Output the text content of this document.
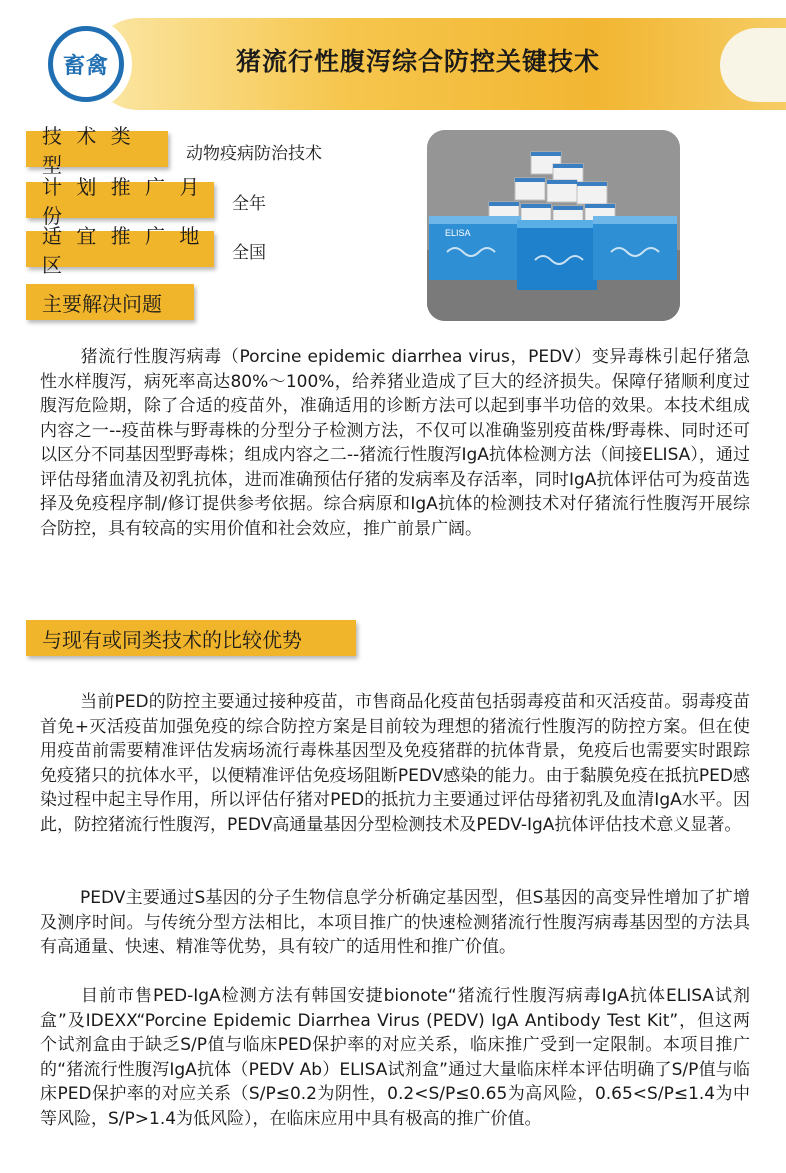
畜禽	猪流行性腹泻综合防控关键技术
技 术 类 型	动物疫病防治技术
计 划 推 广 月 份	全年
适 宜 推 广 地 区	全国
主要解决问题
ELISA

猪流行性腹泻病毒（Porcine epidemic diarrhea virus，PEDV）变异毒株引起仔猪急性水样腹泻，病死率高达80%～100%，给养猪业造成了巨大的经济损失。保障仔猪顺利度过腹泻危险期，除了合适的疫苗外，准确适用的诊断方法可以起到事半功倍的效果。本技术组成内容之一--疫苗株与野毒株的分型分子检测方法，不仅可以准确鉴别疫苗株/野毒株、同时还可以区分不同基因型野毒株；组成内容之二--猪流行性腹泻IgA抗体检测方法（间接ELISA），通过评估母猪血清及初乳抗体，进而准确预估仔猪的发病率及存活率，同时IgA抗体评估可为疫苗选择及免疫程序制/修订提供参考依据。综合病原和IgA抗体的检测技术对仔猪流行性腹泻开展综合防控，具有较高的实用价值和社会效应，推广前景广阔。

与现有或同类技术的比较优势

当前PED的防控主要通过接种疫苗，市售商品化疫苗包括弱毒疫苗和灭活疫苗。弱毒疫苗首免+灭活疫苗加强免疫的综合防控方案是目前较为理想的猪流行性腹泻的防控方案。但在使用疫苗前需要精准评估发病场流行毒株基因型及免疫猪群的抗体背景，免疫后也需要实时跟踪免疫猪只的抗体水平，以便精准评估免疫场阻断PEDV感染的能力。由于黏膜免疫在抵抗PED感染过程中起主导作用，所以评估仔猪对PED的抵抗力主要通过评估母猪初乳及血清IgA水平。因此，防控猪流行性腹泻，PEDV高通量基因分型检测技术及PEDV-IgA抗体评估技术意义显著。

PEDV主要通过S基因的分子生物信息学分析确定基因型，但S基因的高变异性增加了扩增及测序时间。与传统分型方法相比，本项目推广的快速检测猪流行性腹泻病毒基因型的方法具有高通量、快速、精准等优势，具有较广的适用性和推广价值。

目前市售PED-IgA检测方法有韩国安捷bionote“猪流行性腹泻病毒IgA抗体ELISA试剂盒”及IDEXX“Porcine Epidemic Diarrhea Virus (PEDV) IgA Antibody Test Kit”，但这两个试剂盒由于缺乏S/P值与临床PED保护率的对应关系，临床推广受到一定限制。本项目推广的“猪流行性腹泻IgA抗体（PEDV Ab）ELISA试剂盒”通过大量临床样本评估明确了S/P值与临床PED保护率的对应关系（S/P≤0.2为阴性，0.2<S/P≤0.65为高风险，0.65<S/P≤1.4为中等风险，S/P>1.4为低风险），在临床应用中具有极高的推广价值。
